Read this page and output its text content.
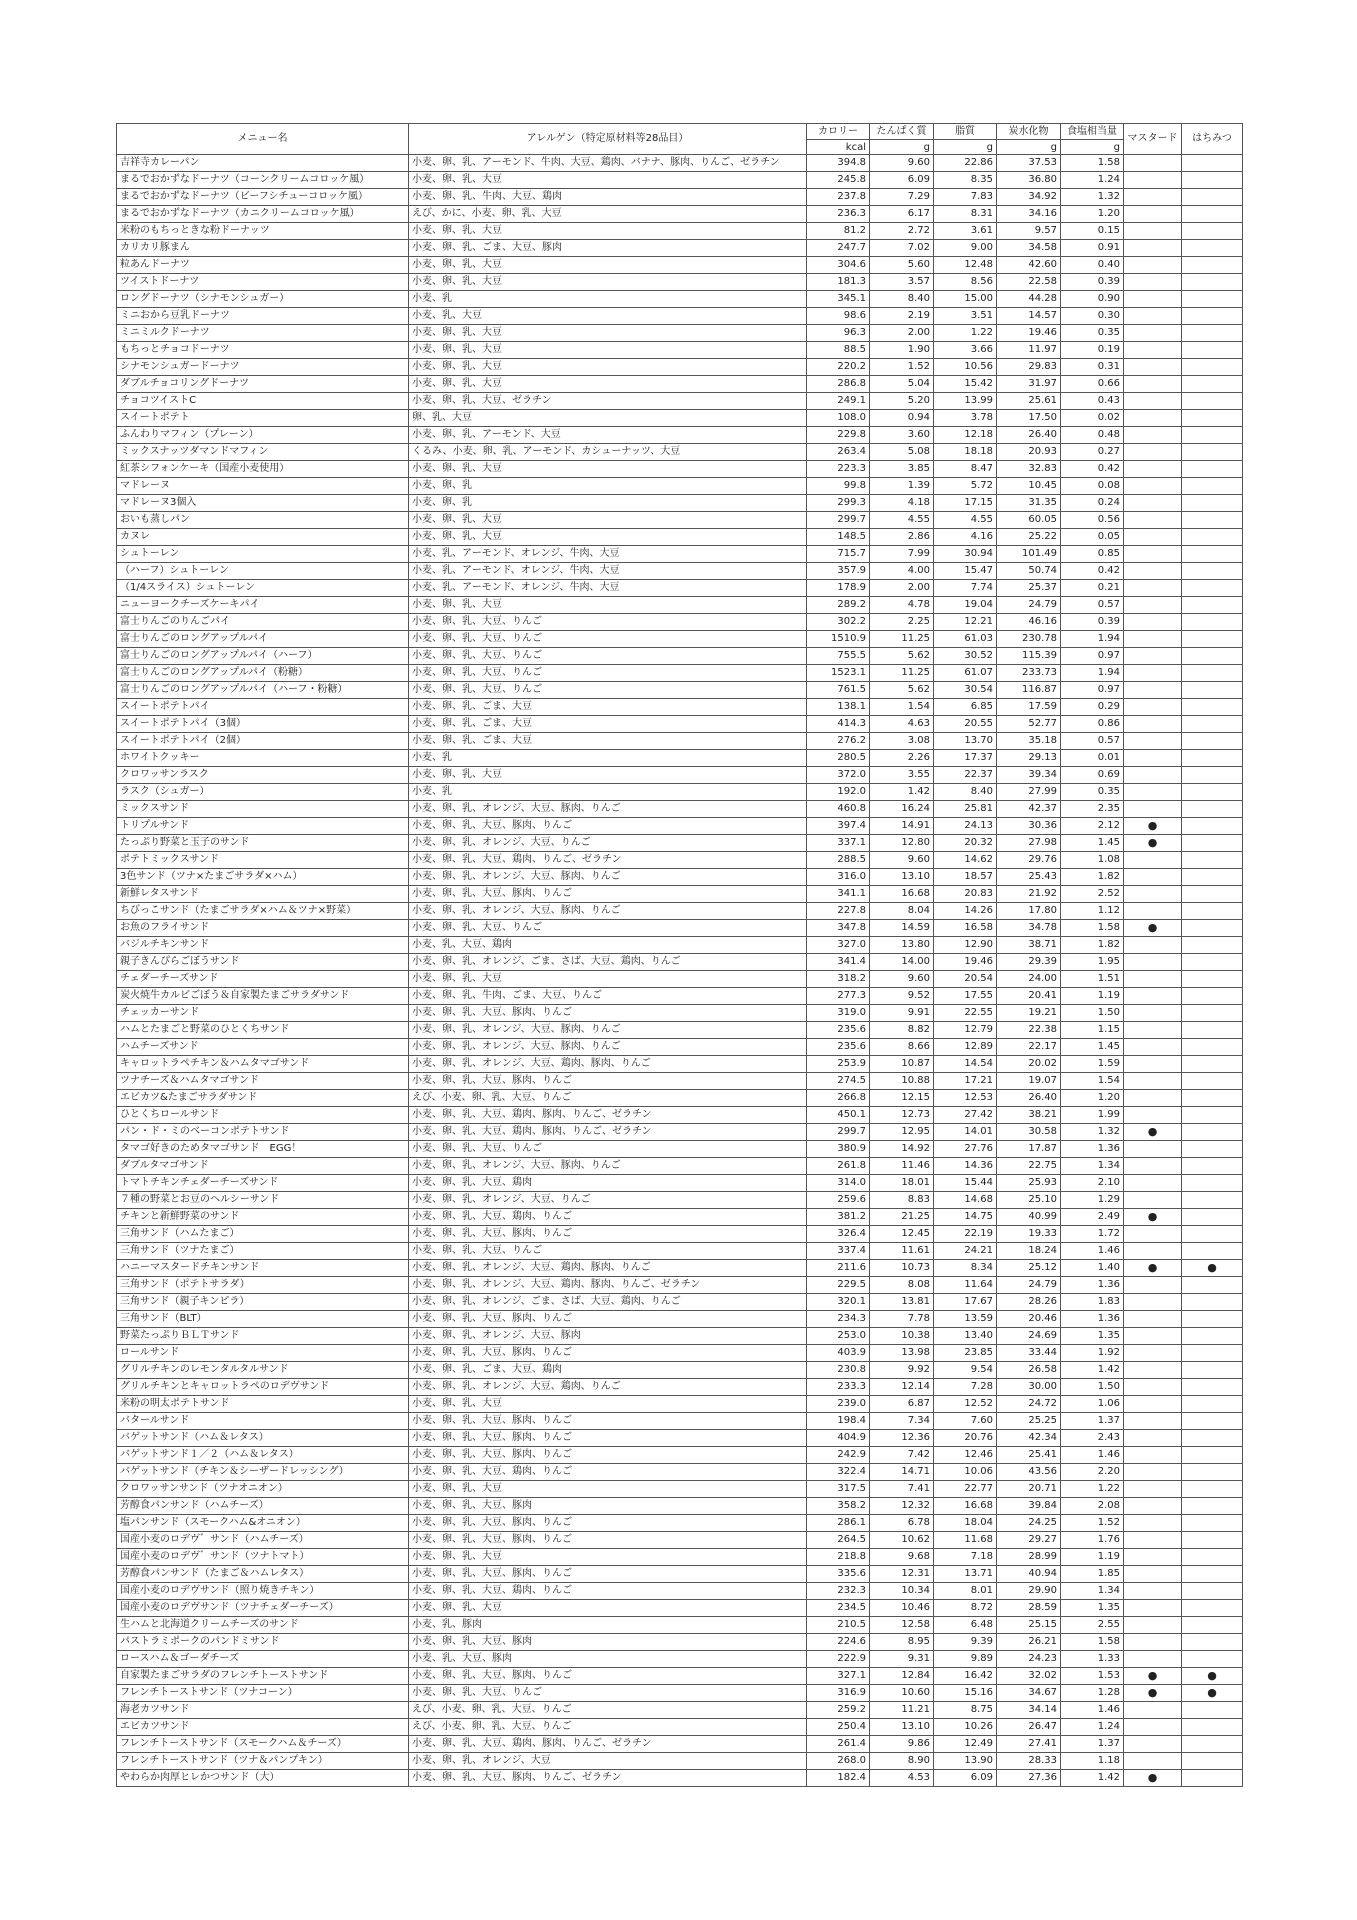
メニュー名	アレルゲン（特定原材料等28品目）	カロリー	たんぱく質	脂質	炭水化物	食塩相当量	マスタード	はちみつ
		kcal	g	g	g	g		
吉祥寺カレーパン	小麦、卵、乳、アーモンド、牛肉、大豆、鶏肉、バナナ、豚肉、りんご、ゼラチン	394.8	9.60	22.86	37.53	1.58		
まるでおかずなドーナツ（コーンクリームコロッケ風）	小麦、卵、乳、大豆	245.8	6.09	8.35	36.80	1.24		
まるでおかずなドーナツ（ビーフシチューコロッケ風）	小麦、卵、乳、牛肉、大豆、鶏肉	237.8	7.29	7.83	34.92	1.32		
まるでおかずなドーナツ（カニクリームコロッケ風）	えび、かに、小麦、卵、乳、大豆	236.3	6.17	8.31	34.16	1.20		
米粉のもちっときな粉ドーナッツ	小麦、卵、乳、大豆	81.2	2.72	3.61	9.57	0.15		
カリカリ豚まん	小麦、卵、乳、ごま、大豆、豚肉	247.7	7.02	9.00	34.58	0.91		
粒あんドーナツ	小麦、卵、乳、大豆	304.6	5.60	12.48	42.60	0.40		
ツイストドーナツ	小麦、卵、乳、大豆	181.3	3.57	8.56	22.58	0.39		
ロングドーナツ（シナモンシュガー）	小麦、乳	345.1	8.40	15.00	44.28	0.90		
ミニおから豆乳ドーナツ	小麦、乳、大豆	98.6	2.19	3.51	14.57	0.30		
ミニミルクドーナツ	小麦、卵、乳、大豆	96.3	2.00	1.22	19.46	0.35		
もちっとチョコドーナツ	小麦、卵、乳、大豆	88.5	1.90	3.66	11.97	0.19		
シナモンシュガードーナツ	小麦、卵、乳、大豆	220.2	1.52	10.56	29.83	0.31		
ダブルチョコリングドーナツ	小麦、卵、乳、大豆	286.8	5.04	15.42	31.97	0.66		
チョコツイストC	小麦、卵、乳、大豆、ゼラチン	249.1	5.20	13.99	25.61	0.43		
スイートポテト	卵、乳、大豆	108.0	0.94	3.78	17.50	0.02		
ふんわりマフィン（プレーン）	小麦、卵、乳、アーモンド、大豆	229.8	3.60	12.18	26.40	0.48		
ミックスナッツダマンドマフィン	くるみ、小麦、卵、乳、アーモンド、カシューナッツ、大豆	263.4	5.08	18.18	20.93	0.27		
紅茶シフォンケーキ（国産小麦使用）	小麦、卵、乳、大豆	223.3	3.85	8.47	32.83	0.42		
マドレーヌ	小麦、卵、乳	99.8	1.39	5.72	10.45	0.08		
マドレーヌ3個入	小麦、卵、乳	299.3	4.18	17.15	31.35	0.24		
おいも蒸しパン	小麦、卵、乳、大豆	299.7	4.55	4.55	60.05	0.56		
カヌレ	小麦、卵、乳、大豆	148.5	2.86	4.16	25.22	0.05		
シュトーレン	小麦、乳、アーモンド、オレンジ、牛肉、大豆	715.7	7.99	30.94	101.49	0.85		
（ハーフ）シュトーレン	小麦、乳、アーモンド、オレンジ、牛肉、大豆	357.9	4.00	15.47	50.74	0.42		
（1/4スライス）シュトーレン	小麦、乳、アーモンド、オレンジ、牛肉、大豆	178.9	2.00	7.74	25.37	0.21		
ニューヨークチーズケーキパイ	小麦、卵、乳、大豆	289.2	4.78	19.04	24.79	0.57		
富士りんごのりんごパイ	小麦、卵、乳、大豆、りんご	302.2	2.25	12.21	46.16	0.39		
富士りんごのロングアップルパイ	小麦、卵、乳、大豆、りんご	1510.9	11.25	61.03	230.78	1.94		
富士りんごのロングアップルパイ（ハーフ）	小麦、卵、乳、大豆、りんご	755.5	5.62	30.52	115.39	0.97		
富士りんごのロングアップルパイ（粉糖）	小麦、卵、乳、大豆、りんご	1523.1	11.25	61.07	233.73	1.94		
富士りんごのロングアップルパイ（ハーフ・粉糖）	小麦、卵、乳、大豆、りんご	761.5	5.62	30.54	116.87	0.97		
スイートポテトパイ	小麦、卵、乳、ごま、大豆	138.1	1.54	6.85	17.59	0.29		
スイートポテトパイ（3個）	小麦、卵、乳、ごま、大豆	414.3	4.63	20.55	52.77	0.86		
スイートポテトパイ（2個）	小麦、卵、乳、ごま、大豆	276.2	3.08	13.70	35.18	0.57		
ホワイトクッキー	小麦、乳	280.5	2.26	17.37	29.13	0.01		
クロワッサンラスク	小麦、卵、乳、大豆	372.0	3.55	22.37	39.34	0.69		
ラスク（シュガー）	小麦、乳	192.0	1.42	8.40	27.99	0.35		
ミックスサンド	小麦、卵、乳、オレンジ、大豆、豚肉、りんご	460.8	16.24	25.81	42.37	2.35		
トリプルサンド	小麦、卵、乳、大豆、豚肉、りんご	397.4	14.91	24.13	30.36	2.12	●	
たっぷり野菜と玉子のサンド	小麦、卵、乳、オレンジ、大豆、りんご	337.1	12.80	20.32	27.98	1.45	●	
ポテトミックスサンド	小麦、卵、乳、大豆、鶏肉、りんご、ゼラチン	288.5	9.60	14.62	29.76	1.08		
3色サンド（ツナ×たまごサラダ×ハム）	小麦、卵、乳、オレンジ、大豆、豚肉、りんご	316.0	13.10	18.57	25.43	1.82		
新鮮レタスサンド	小麦、卵、乳、大豆、豚肉、りんご	341.1	16.68	20.83	21.92	2.52		
ちびっこサンド（たまごサラダ×ハム＆ツナ×野菜）	小麦、卵、乳、オレンジ、大豆、豚肉、りんご	227.8	8.04	14.26	17.80	1.12		
お魚のフライサンド	小麦、卵、乳、大豆、りんご	347.8	14.59	16.58	34.78	1.58	●	
バジルチキンサンド	小麦、乳、大豆、鶏肉	327.0	13.80	12.90	38.71	1.82		
親子きんぴらごぼうサンド	小麦、卵、乳、オレンジ、ごま、さば、大豆、鶏肉、りんご	341.4	14.00	19.46	29.39	1.95		
チェダーチーズサンド	小麦、卵、乳、大豆	318.2	9.60	20.54	24.00	1.51		
炭火焼牛カルビごぼう＆自家製たまごサラダサンド	小麦、卵、乳、牛肉、ごま、大豆、りんご	277.3	9.52	17.55	20.41	1.19		
チェッカーサンド	小麦、卵、乳、大豆、豚肉、りんご	319.0	9.91	22.55	19.21	1.50		
ハムとたまごと野菜のひとくちサンド	小麦、卵、乳、オレンジ、大豆、豚肉、りんご	235.6	8.82	12.79	22.38	1.15		
ハムチーズサンド	小麦、卵、乳、オレンジ、大豆、豚肉、りんご	235.6	8.66	12.89	22.17	1.45		
キャロットラペチキン＆ハムタマゴサンド	小麦、卵、乳、オレンジ、大豆、鶏肉、豚肉、りんご	253.9	10.87	14.54	20.02	1.59		
ツナチーズ＆ハムタマゴサンド	小麦、卵、乳、大豆、豚肉、りんご	274.5	10.88	17.21	19.07	1.54		
エビカツ&たまごサラダサンド	えび、小麦、卵、乳、大豆、りんご	266.8	12.15	12.53	26.40	1.20		
ひとくちロールサンド	小麦、卵、乳、大豆、鶏肉、豚肉、りんご、ゼラチン	450.1	12.73	27.42	38.21	1.99		
パン・ド・ミのベーコンポテトサンド	小麦、卵、乳、大豆、鶏肉、豚肉、りんご、ゼラチン	299.7	12.95	14.01	30.58	1.32	●	
タマゴ好きのためタマゴサンド　EGG！	小麦、卵、乳、大豆、りんご	380.9	14.92	27.76	17.87	1.36		
ダブルタマゴサンド	小麦、卵、乳、オレンジ、大豆、豚肉、りんご	261.8	11.46	14.36	22.75	1.34		
トマトチキンチェダーチーズサンド	小麦、卵、乳、大豆、鶏肉	314.0	18.01	15.44	25.93	2.10		
７種の野菜とお豆のヘルシーサンド	小麦、卵、乳、オレンジ、大豆、りんご	259.6	8.83	14.68	25.10	1.29		
チキンと新鮮野菜のサンド	小麦、卵、乳、大豆、鶏肉、りんご	381.2	21.25	14.75	40.99	2.49	●	
三角サンド（ハムたまご）	小麦、卵、乳、大豆、豚肉、りんご	326.4	12.45	22.19	19.33	1.72		
三角サンド（ツナたまご）	小麦、卵、乳、大豆、りんご	337.4	11.61	24.21	18.24	1.46		
ハニーマスタードチキンサンド	小麦、卵、乳、オレンジ、大豆、鶏肉、豚肉、りんご	211.6	10.73	8.34	25.12	1.40	●	●
三角サンド（ポテトサラダ）	小麦、卵、乳、オレンジ、大豆、鶏肉、豚肉、りんご、ゼラチン	229.5	8.08	11.64	24.79	1.36		
三角サンド（親子キンピラ）	小麦、卵、乳、オレンジ、ごま、さば、大豆、鶏肉、りんご	320.1	13.81	17.67	28.26	1.83		
三角サンド（BLT）	小麦、卵、乳、大豆、豚肉、りんご	234.3	7.78	13.59	20.46	1.36		
野菜たっぷりＢＬＴサンド	小麦、卵、乳、オレンジ、大豆、豚肉	253.0	10.38	13.40	24.69	1.35		
ロールサンド	小麦、卵、乳、大豆、豚肉、りんご	403.9	13.98	23.85	33.44	1.92		
グリルチキンのレモンタルタルサンド	小麦、卵、乳、ごま、大豆、鶏肉	230.8	9.92	9.54	26.58	1.42		
グリルチキンとキャロットラペのロデヴサンド	小麦、卵、乳、オレンジ、大豆、鶏肉、りんご	233.3	12.14	7.28	30.00	1.50		
米粉の明太ポテトサンド	小麦、卵、乳、大豆	239.0	6.87	12.52	24.72	1.06		
バタールサンド	小麦、卵、乳、大豆、豚肉、りんご	198.4	7.34	7.60	25.25	1.37		
バゲットサンド（ハム＆レタス）	小麦、卵、乳、大豆、豚肉、りんご	404.9	12.36	20.76	42.34	2.43		
バゲットサンド１／２（ハム＆レタス）	小麦、卵、乳、大豆、豚肉、りんご	242.9	7.42	12.46	25.41	1.46		
バゲットサンド（チキン＆シーザードレッシング）	小麦、卵、乳、大豆、鶏肉、りんご	322.4	14.71	10.06	43.56	2.20		
クロワッサンサンド（ツナオニオン）	小麦、卵、乳、大豆	317.5	7.41	22.77	20.71	1.22		
芳醇食パンサンド（ハムチーズ）	小麦、卵、乳、大豆、豚肉	358.2	12.32	16.68	39.84	2.08		
塩パンサンド（スモークハム&オニオン）	小麦、卵、乳、大豆、豚肉、りんご	286.1	6.78	18.04	24.25	1.52		
国産小麦のロデヴ゛サンド（ハムチーズ）	小麦、卵、乳、大豆、豚肉、りんご	264.5	10.62	11.68	29.27	1.76		
国産小麦のロデヴ゛サンド（ツナトマト）	小麦、卵、乳、大豆	218.8	9.68	7.18	28.99	1.19		
芳醇食パンサンド（たまご＆ハムレタス）	小麦、卵、乳、大豆、豚肉、りんご	335.6	12.31	13.71	40.94	1.85		
国産小麦のロデヴサンド（照り焼きチキン）	小麦、卵、乳、大豆、鶏肉、りんご	232.3	10.34	8.01	29.90	1.34		
国産小麦のロデヴサンド（ツナチェダーチーズ）	小麦、卵、乳、大豆	234.5	10.46	8.72	28.59	1.35		
生ハムと北海道クリームチーズのサンド	小麦、乳、豚肉	210.5	12.58	6.48	25.15	2.55		
パストラミポークのパンドミサンド	小麦、卵、乳、大豆、豚肉	224.6	8.95	9.39	26.21	1.58		
ロースハム＆ゴーダチーズ	小麦、乳、大豆、豚肉	222.9	9.31	9.89	24.23	1.33		
自家製たまごサラダのフレンチトーストサンド	小麦、卵、乳、大豆、豚肉、りんご	327.1	12.84	16.42	32.02	1.53	●	●
フレンチトーストサンド（ツナコーン）	小麦、卵、乳、大豆、りんご	316.9	10.60	15.16	34.67	1.28	●	●
海老カツサンド	えび、小麦、卵、乳、大豆、りんご	259.2	11.21	8.75	34.14	1.46		
エビカツサンド	えび、小麦、卵、乳、大豆、りんご	250.4	13.10	10.26	26.47	1.24		
フレンチトーストサンド（スモークハム＆チーズ）	小麦、卵、乳、大豆、鶏肉、豚肉、りんご、ゼラチン	261.4	9.86	12.49	27.41	1.37		
フレンチトーストサンド（ツナ＆パンプキン）	小麦、卵、乳、オレンジ、大豆	268.0	8.90	13.90	28.33	1.18		
やわらか肉厚ヒレかつサンド（大）	小麦、卵、乳、大豆、豚肉、りんご、ゼラチン	182.4	4.53	6.09	27.36	1.42	●	
